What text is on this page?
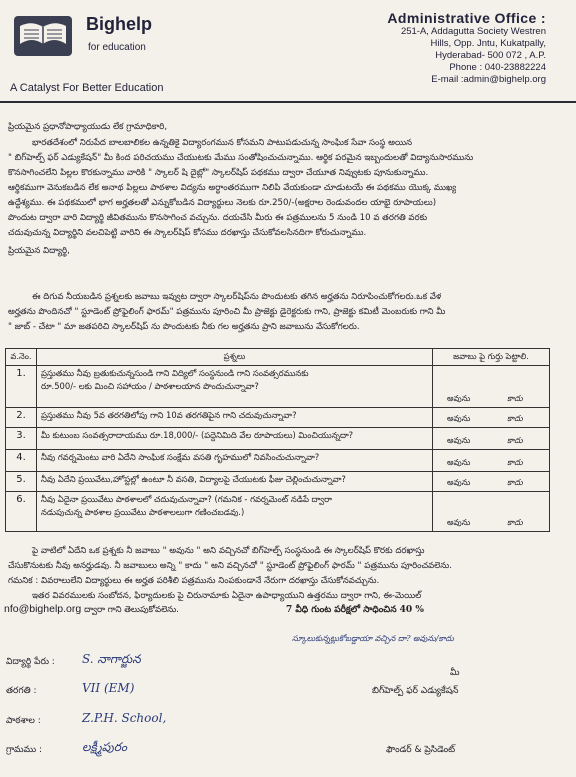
Bighelp
for education
A Catalyst For Better Education
Administrative Office :
251-A, Addagutta Society Westren
Hills, Opp. Jntu, Kukatpally,
Hyderabad- 500 072 , A.P.
Phone : 040-23882224
E-mail :admin@bighelp.org
ప్రియమైన ప్రధానోపాధ్యాయుడు లేక గ్రామాధికారి,
భారతదేశంలో నిరుపేద బాలబాలికల ఉన్నతికై విద్యారంగమున కోసమని పాటుపడుచున్న సాంఘిక సేవా సంస్థ అయిన
" బిగ్‌హెల్ప్ ఫర్ ఎడ్యుకేషన్" మీ కింద పరిచయము చేయుటకు మేము సంతోషించుచున్నాము. ఆర్థిక పరమైన ఇబ్బందులతో విద్యానుసారమును
కొనసాగించలేని పిల్లల కొరకున్నాము వారికి " స్కాలర్ షి దైబ్లో" స్కాలర్‌షిప్ పథకము ద్వారా చేయూత నివ్వుటకు పూనుకున్నాము.
ఆర్థికముగా వెనుకబడిన లేక అనాథ పిల్లలు పాఠశాల విద్యను అర్ధాంతరముగా నిలిపి వేయకుండా చూడుటయే ఈ పథకము యొక్క ముఖ్య
ఉద్దేశ్యము. ఈ పథకములో భాగ అర్హతలతో ఎన్నుకోబడిన విద్యార్థులు నెలకు రూ.250/-(అక్షరాల రెండువందల యాభై రూపాయలు)
పొందుట ద్వారా వారి విద్యార్థి జీవితమును కొనసాగించ వచ్చును. దయచేసి మీరు ఈ పత్రములను 5 నుండి 10 వ తరగతి వరకు
చదువుచున్న విద్యార్థిని వలచిపెట్టి వారిని ఈ స్కాలర్‌షిప్ కోసము దరఖాస్తు చేసుకోవలసినదిగా కోరుచున్నాము.
ప్రియమైన విద్యార్థి,
ఈ దిగువ నీయబడిన ప్రశ్నలకు జవాబు ఇవ్వుట ద్వారా స్కాలర్‌షిప్‌ను పొందుటకు తగిన అర్హతను నిరూపించుకోగలరు.ఒక వేళ
అర్హతను పొందినచో " స్టూడెంట్ ప్రోఫైలింగ్ ఫారమ్" పత్రమును పూరించి మీ ప్రాజెక్టు డైరెక్టరుకు గాని, ప్రాజెక్టు కమిటీ మెంబరుకు గాని మీ
" జాబ్ - చేటా " మా జతపరిచి స్కాలర్‌షిప్ ను పొందుటకు నీకు గల అర్హతను ప్రాని జవాబును వేసుకోగలరు.
వ.నెం.	ప్రశ్నలు	జవాబు పై గుర్తు పెట్టాలి.
1.	ప్రస్తుతము నీవు బ్రతుకుచున్నసుండి గాని విద్యిలో సంస్థనుండి గాని సంవత్సరమునకు
రూ.500/- లకు మించి సహాయం / పాఠశాలయాన పొందుచున్నావా?	అవును కాదు

2.	ప్రస్తుతము నీవు 5వ తరగతిలోపు గాని 10వ తరగతిపైన గాని చదువుచున్నావా?	అవును కాదు

3.	మీ కుటుంబ సంవత్సరాదాయము రూ.18,000/- (పద్దెనిమిది వేల రూపాయలు) మించియున్నదా?	అవును కాదు

4.	నీవు గవర్నమెంటు వారి ఏదేని సాంఘిక సంక్షేమ వసతి గృహములో నివసించుచున్నావా?	అవును కాదు

5.	నీవు ఏదేని ప్రయివేటు,హోస్టల్లో ఉంటూ నీ వసతి, విద్యాలపై చేయుటకు ఫీజు చెల్లించుచున్నావా?	అవును కాదు

6.	నీవు ఏదైనా ప్రయివేటు పాఠశాలలో చదువుచున్నావా? (గమనిక - గవర్నమెంట్ నడిపే ద్వారా
నడుపుచున్న పాఠశాల ప్రయివేటు పాఠశాలలుగా గణించబడవు.)	అవును కాదు
పై వాటిలో ఏదేని ఒక ప్రశ్నకు నీ జవాబు " అవును " అని వచ్చినచో బిగ్‌హెల్ప్ సంస్థనుండి ఈ స్కాలర్‌షిప్ కొరకు దరఖాస్తు
చేసుకొనుటకు నీవు అనర్హుడవు. నీ జవాబులు అన్ని " కాదు " అని వచ్చినచో " స్టూడెంట్ ప్రోఫైలింగ్ ఫారమ్ " పత్రమును పూరించవలెను.
గమనిక : వివరాలులేని విద్యార్థులు ఈ అర్హత పరిశీలి పత్రమును నింపకుండానే నేరుగా దరఖాస్తు చేసుకోనవచ్చును.
ఇతర వివరములకు సంబోదన, ఫిర్యాదులకు పై చిరునామాకు ఏదైనా ఉపాధ్యాయుని ఉత్తరము ద్వారా గాని, ఈ-మెయిల్
nfo@bighelp.org ద్వారా గాని తెలుపుకోవలెను.	7 వీధి గుంట పరీక్షలో సాధించిన 40 %
స్కూలుకున్నట్లుకోబడ్డాయా వచ్చిన దా? అవును/కాదు
విద్యార్థి పేరు : S. నాగార్జున
తరగతి :	VII (EM)
పాఠశాల :	Z.P.H. School,
గ్రామము :	లక్ష్మీపురం
మీ
బిగ్‌హెల్ప్ ఫర్ ఎడ్యుకేషన్
ఫౌండర్ & ప్రెసిడెంట్
